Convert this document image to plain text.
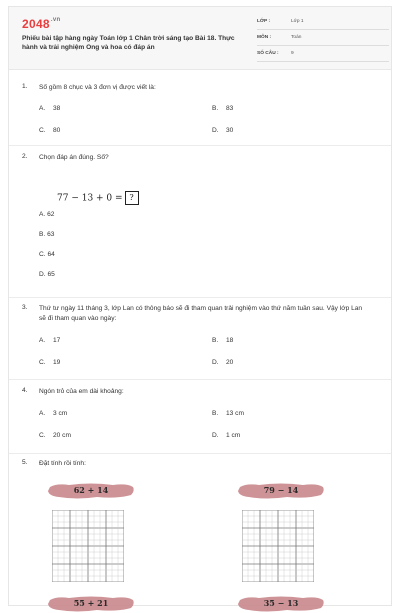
$2048^{.vn}$
Phiếu bài tập hàng ngày Toán lớp 1 Chân trời sáng tạo Bài 18. Thực hành và trải nghiệm Ong và hoa có đáp án
LỚP :	Lớp 1
MÔN :	Toán
SỐ CÂU :	9
1. Số gồm 8 chục và 3 đơn vị được viết là:
A. 38	B. 83
C. 80	D. 30
2. Chọn đáp án đúng. Số?
77 − 13 + 0 = ?
A. 62
B. 63
C. 64
D. 65
3. Thứ tư ngày 11 tháng 3, lớp Lan có thông báo sẽ đi tham quan trải nghiệm vào thứ năm tuần sau. Vậy lớp Lan sẽ đi tham quan vào ngày:
A. 17	B. 18
C. 19	D. 20
4. Ngón trỏ của em dài khoảng:
A. 3 cm	B. 13 cm
C. 20 cm	D. 1 cm
5. Đặt tính rồi tính:
62 + 14	79 − 14
55 + 21	35 − 13
